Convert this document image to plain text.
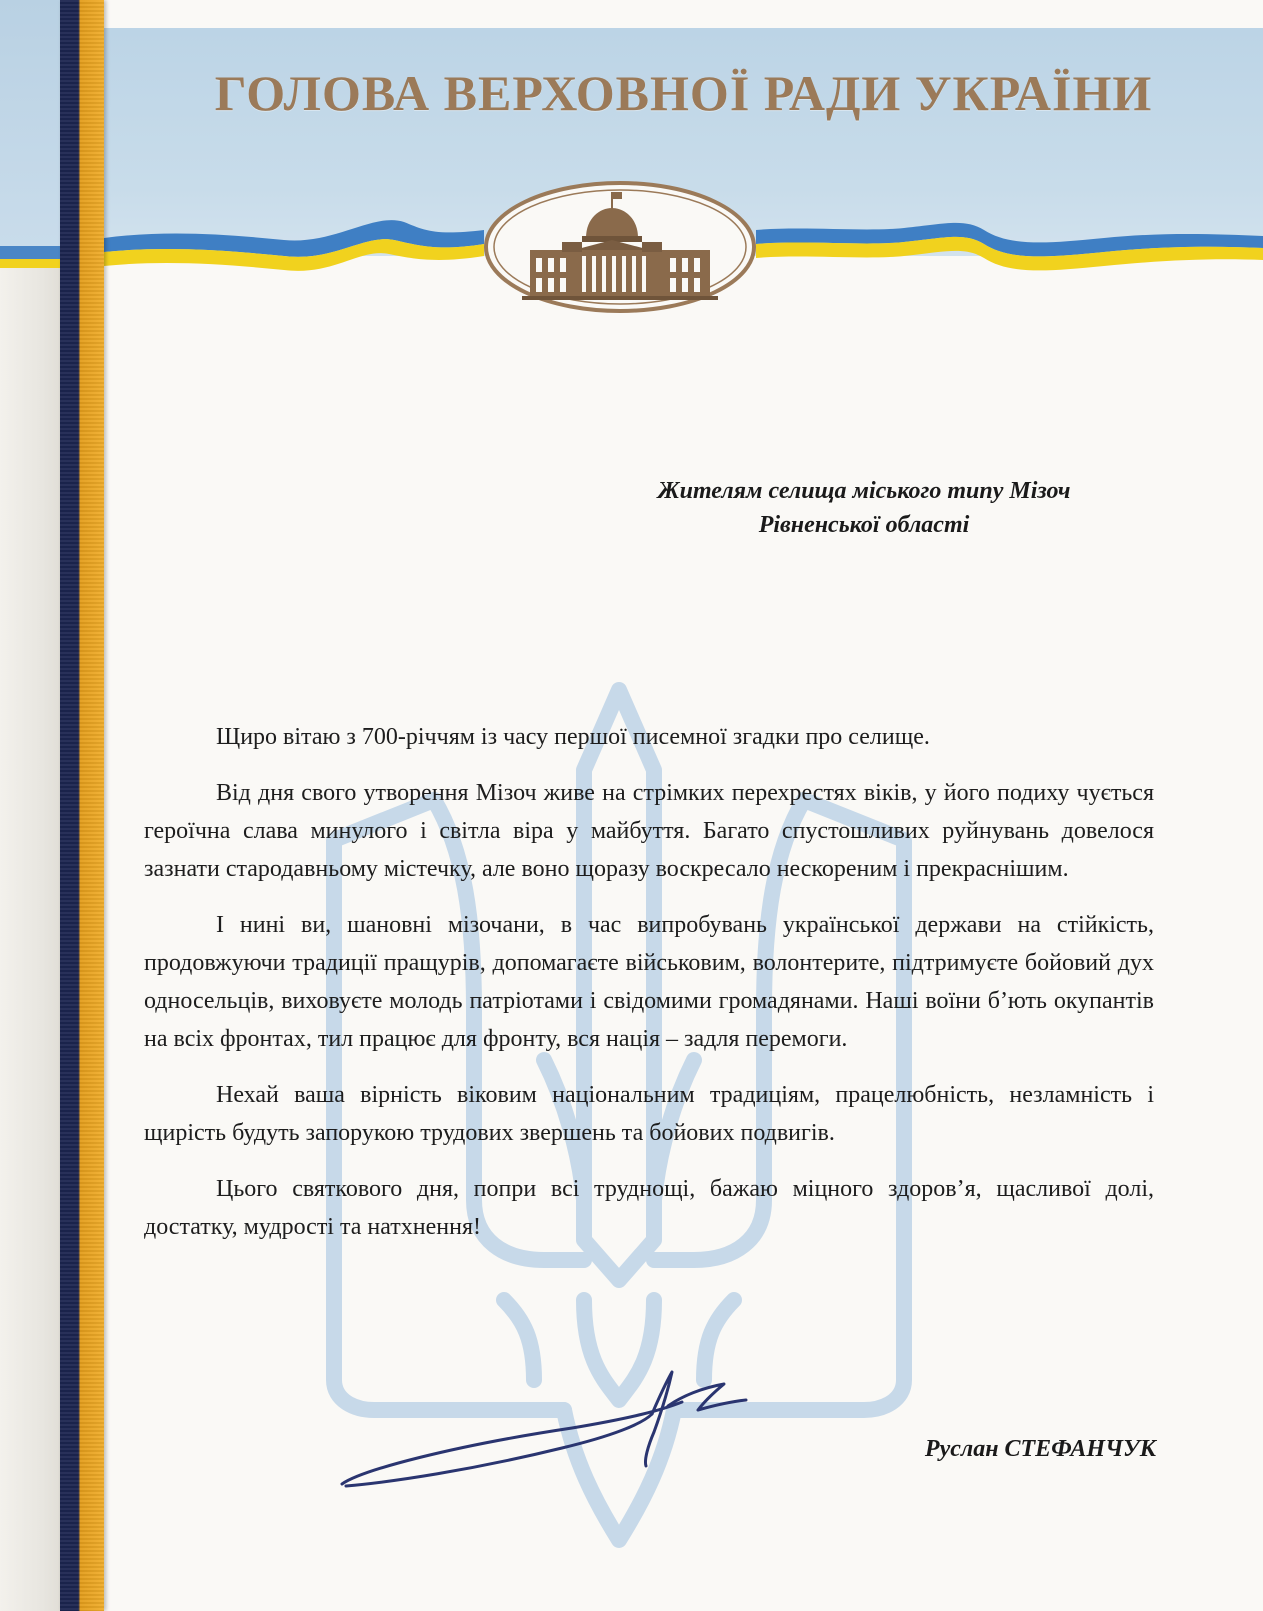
ГОЛОВА ВЕРХОВНОЇ РАДИ УКРАЇНИ
Жителям селища міського типу Мізоч
Рівненської області

Щиро вітаю з 700-річчям із часу першої писемної згадки про селище.

Від дня свого утворення Мізоч живе на стрімких перехрестях віків, у його подиху чується героїчна слава минулого і світла віра у майбуття. Багато спустошливих руйнувань довелося зазнати стародавньому містечку, але воно щоразу воскресало нескореним і прекраснішим.

І нині ви, шановні мізочани, в час випробувань української держави на стійкість, продовжуючи традиції пращурів, допомагаєте військовим, волонтерите, підтримуєте бойовий дух односельців, виховуєте молодь патріотами і свідомими громадянами. Наші воїни б’ють окупантів на всіх фронтах, тил працює для фронту, вся нація – задля перемоги.

Нехай ваша вірність віковим національним традиціям, працелюбність, незламність і щирість будуть запорукою трудових звершень та бойових подвигів.

Цього святкового дня, попри всі труднощі, бажаю міцного здоров’я, щасливої долі, достатку, мудрості та натхнення!

Руслан СТЕФАНЧУК
